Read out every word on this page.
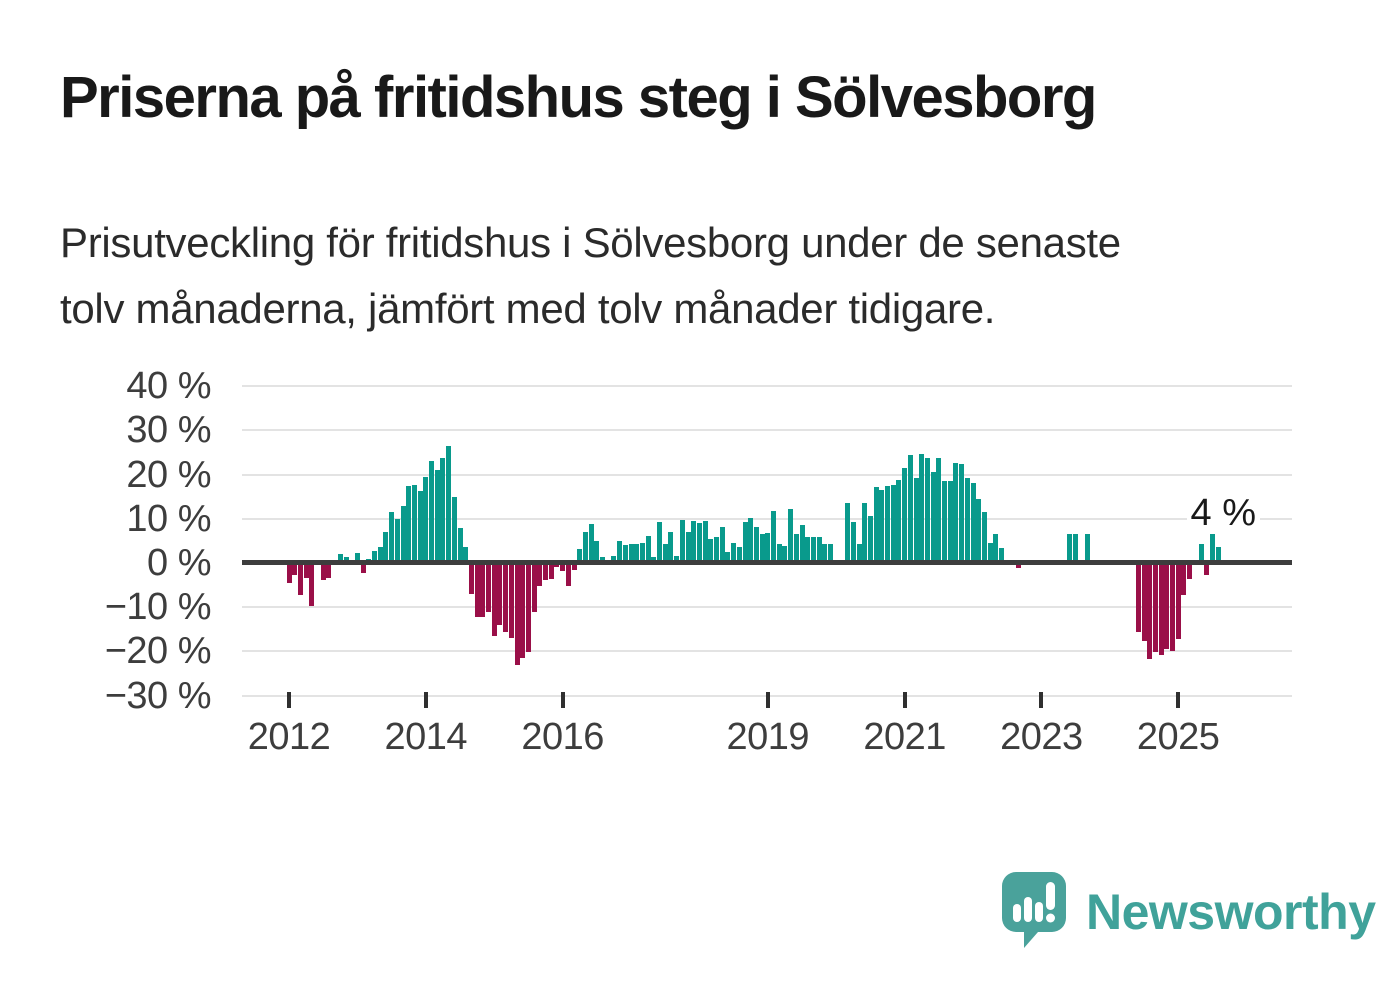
Priserna på fritidshus steg i Sölvesborg
Prisutveckling för fritidshus i Sölvesborg under de senaste
tolv månaderna, jämfört med tolv månader tidigare.
40 %
30 %
20 %
10 %
0 %
−10 %
−20 %
−30 %
2012	2014	2016	2019	2021	2023	2025
4 %
Newsworthy
